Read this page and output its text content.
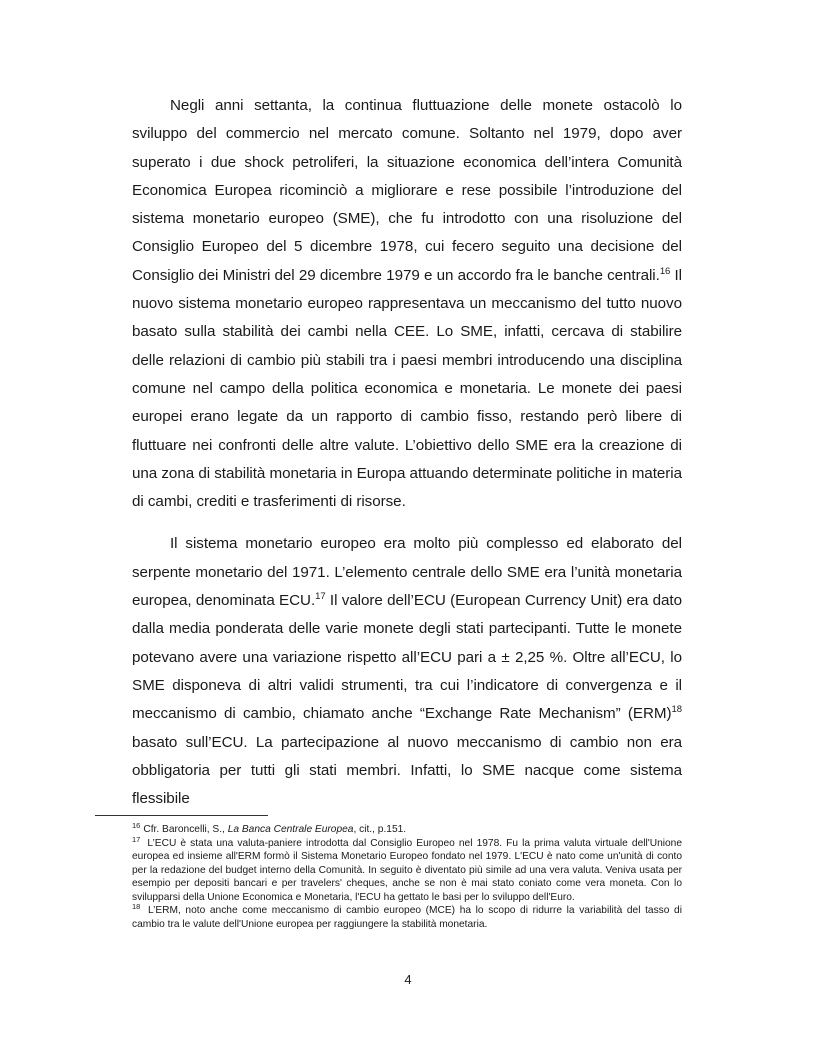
Negli anni settanta, la continua fluttuazione delle monete ostacolò lo sviluppo del commercio nel mercato comune. Soltanto nel 1979, dopo aver superato i due shock petroliferi, la situazione economica dell’intera Comunità Economica Europea ricominciò a migliorare e rese possibile l’introduzione del sistema monetario europeo (SME), che fu introdotto con una risoluzione del Consiglio Europeo del 5 dicembre 1978, cui fecero seguito una decisione del Consiglio dei Ministri del 29 dicembre 1979 e un accordo fra le banche centrali.$^{16}$ Il nuovo sistema monetario europeo rappresentava un meccanismo del tutto nuovo basato sulla stabilità dei cambi nella CEE. Lo SME, infatti, cercava di stabilire delle relazioni di cambio più stabili tra i paesi membri introducendo una disciplina comune nel campo della politica economica e monetaria. Le monete dei paesi europei erano legate da un rapporto di cambio fisso, restando però libere di fluttuare nei confronti delle altre valute. L’obiettivo dello SME era la creazione di una zona di stabilità monetaria in Europa attuando determinate politiche in materia di cambi, crediti e trasferimenti di risorse.

Il sistema monetario europeo era molto più complesso ed elaborato del serpente monetario del 1971. L’elemento centrale dello SME era l’unità monetaria europea, denominata ECU.$^{17}$ Il valore dell’ECU (European Currency Unit) era dato dalla media ponderata delle varie monete degli stati partecipanti. Tutte le monete potevano avere una variazione rispetto all’ECU pari a ± 2,25 %. Oltre all’ECU, lo SME disponeva di altri validi strumenti, tra cui l’indicatore di convergenza e il meccanismo di cambio, chiamato anche “Exchange Rate Mechanism” (ERM)$^{18}$ basato sull’ECU. La partecipazione al nuovo meccanismo di cambio non era obbligatoria per tutti gli stati membri. Infatti, lo SME nacque come sistema flessibile

$^{16}$ Cfr. Baroncelli, S., La Banca Centrale Europea, cit., p.151.

$^{17}$ L’ECU è stata una valuta-paniere introdotta dal Consiglio Europeo nel 1978. Fu la prima valuta virtuale dell'Unione europea ed insieme all'ERM formò il Sistema Monetario Europeo fondato nel 1979. L'ECU è nato come un'unità di conto per la redazione del budget interno della Comunità. In seguito è diventato più simile ad una vera valuta. Veniva usata per esempio per depositi bancari e per travelers' cheques, anche se non è mai stato coniato come vera moneta. Con lo svilupparsi della Unione Economica e Monetaria, l'ECU ha gettato le basi per lo sviluppo dell'Euro.

$^{18}$ L’ERM, noto anche come meccanismo di cambio europeo (MCE) ha lo scopo di ridurre la variabilità del tasso di cambio tra le valute dell'Unione europea per raggiungere la stabilità monetaria.

4
